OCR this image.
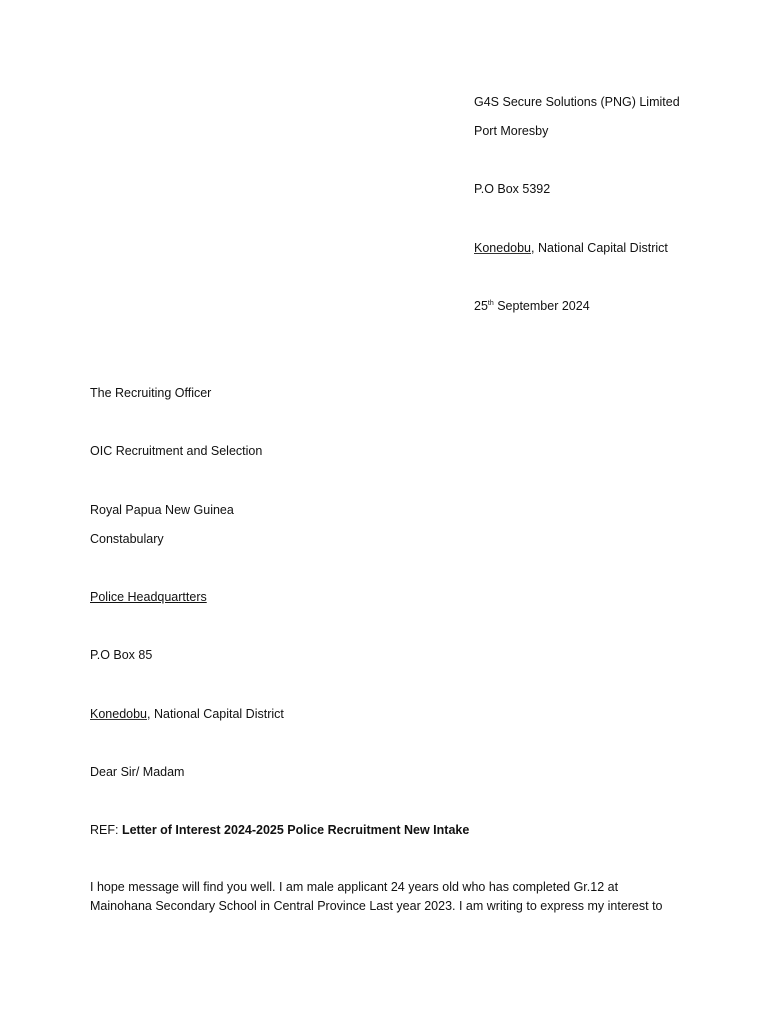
G4S Secure Solutions (PNG) Limited
Port Moresby
P.O Box 5392
Konedobu, National Capital District
25th September 2024
The Recruiting Officer
OIC Recruitment and Selection
Royal Papua New Guinea
Constabulary
Police Headquartters
P.O Box 85
Konedobu, National Capital District
Dear Sir/ Madam
REF: Letter of Interest 2024-2025 Police Recruitment New Intake
I hope message will find you well. I am male applicant 24 years old who has completed Gr.12 at
Mainohana Secondary School in Central Province Last year 2023. I am writing to express my interest to
